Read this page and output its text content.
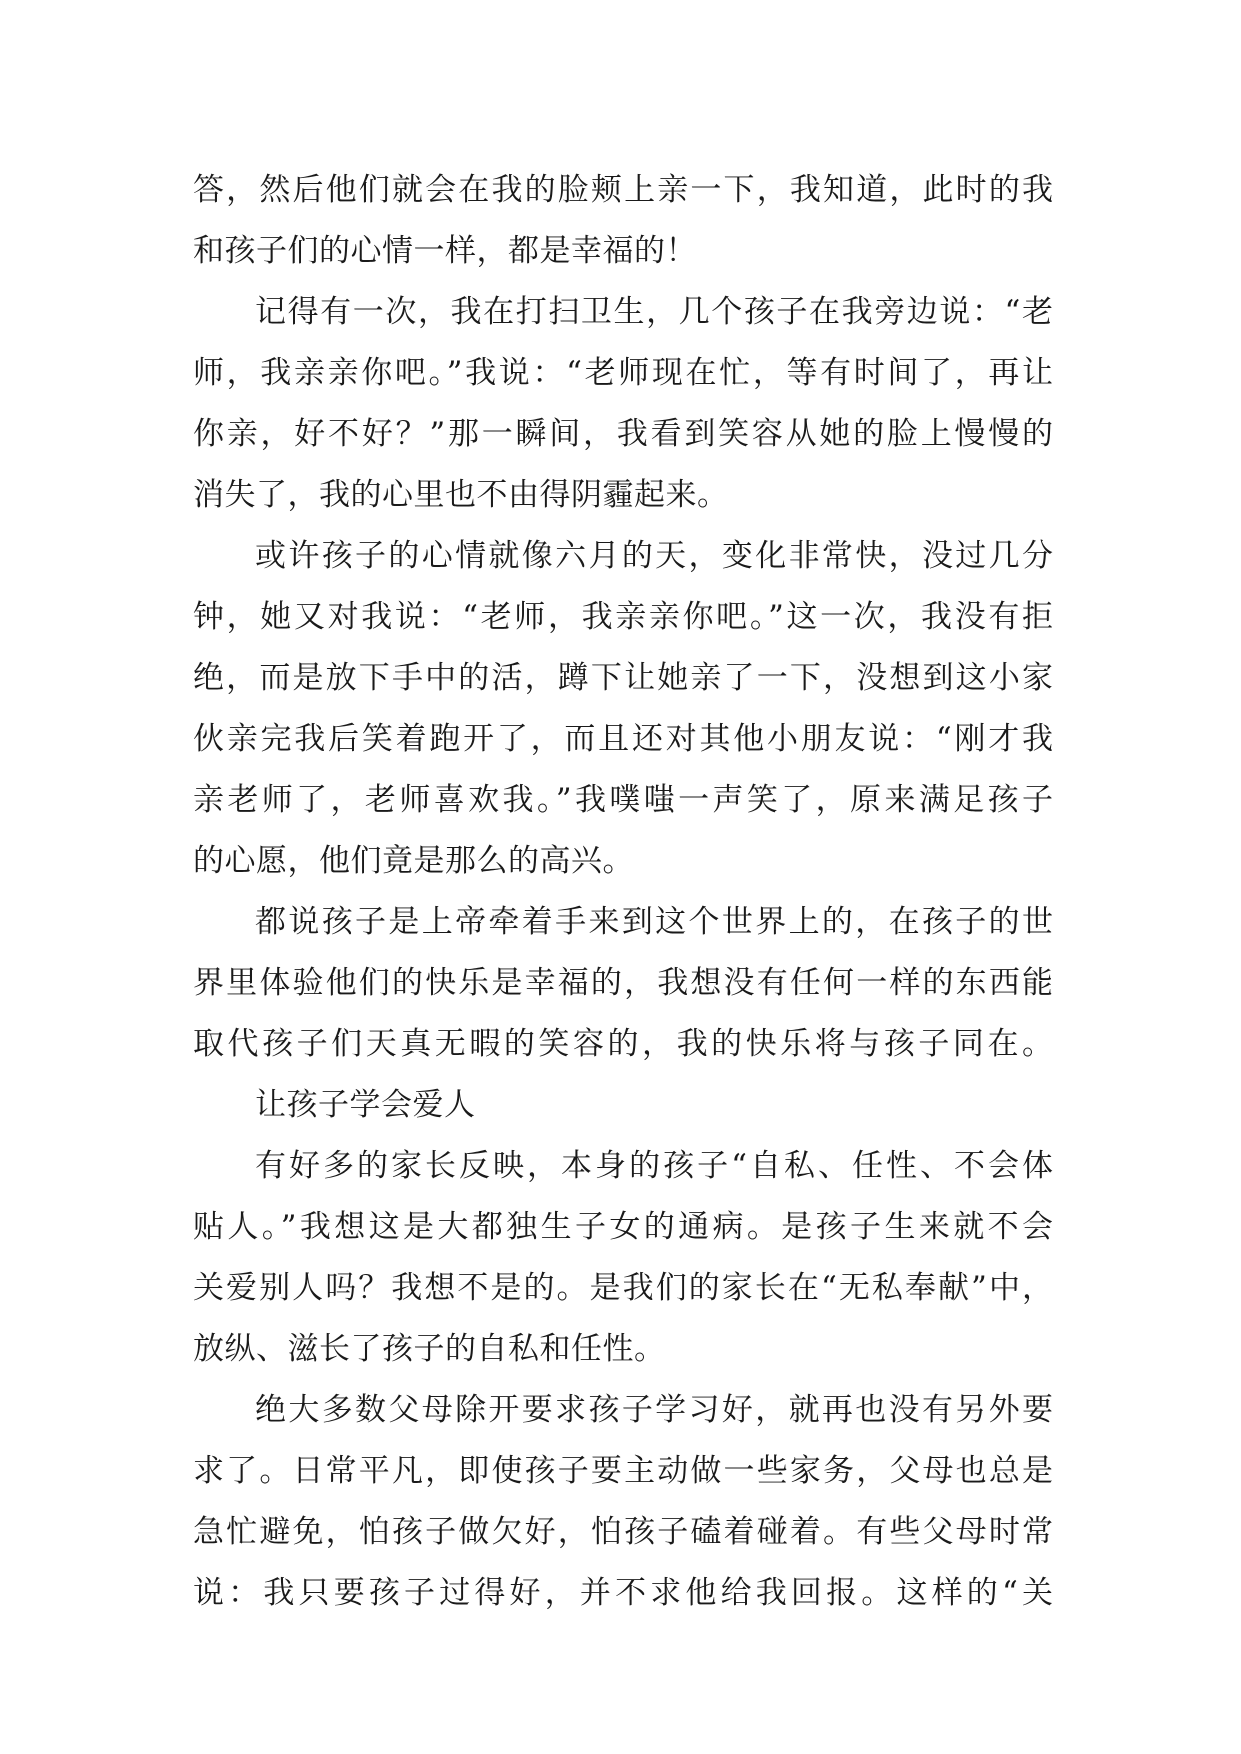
答，然后他们就会在我的脸颊上亲一下，我知道，此时的我
和孩子们的心情一样，都是幸福的！
记得有一次，我在打扫卫生，几个孩子在我旁边说：“老
师，我亲亲你吧。”我说：“老师现在忙，等有时间了，再让
你亲，好不好？”那一瞬间，我看到笑容从她的脸上慢慢的
消失了，我的心里也不由得阴霾起来。
或许孩子的心情就像六月的天，变化非常快，没过几分
钟，她又对我说：“老师，我亲亲你吧。”这一次，我没有拒
绝，而是放下手中的活，蹲下让她亲了一下，没想到这小家
伙亲完我后笑着跑开了，而且还对其他小朋友说：“刚才我
亲老师了，老师喜欢我。”我噗嗤一声笑了，原来满足孩子
的心愿，他们竟是那么的高兴。
都说孩子是上帝牵着手来到这个世界上的，在孩子的世
界里体验他们的快乐是幸福的，我想没有任何一样的东西能
取代孩子们天真无暇的笑容的，我的快乐将与孩子同在。
让孩子学会爱人
有好多的家长反映，本身的孩子“自私、任性、不会体
贴人。”我想这是大都独生子女的通病。是孩子生来就不会
关爱别人吗？我想不是的。是我们的家长在“无私奉献”中，
放纵、滋长了孩子的自私和任性。
绝大多数父母除开要求孩子学习好，就再也没有另外要
求了。日常平凡，即使孩子要主动做一些家务，父母也总是
急忙避免，怕孩子做欠好，怕孩子磕着碰着。有些父母时常
说：我只要孩子过得好，并不求他给我回报。这样的“关
